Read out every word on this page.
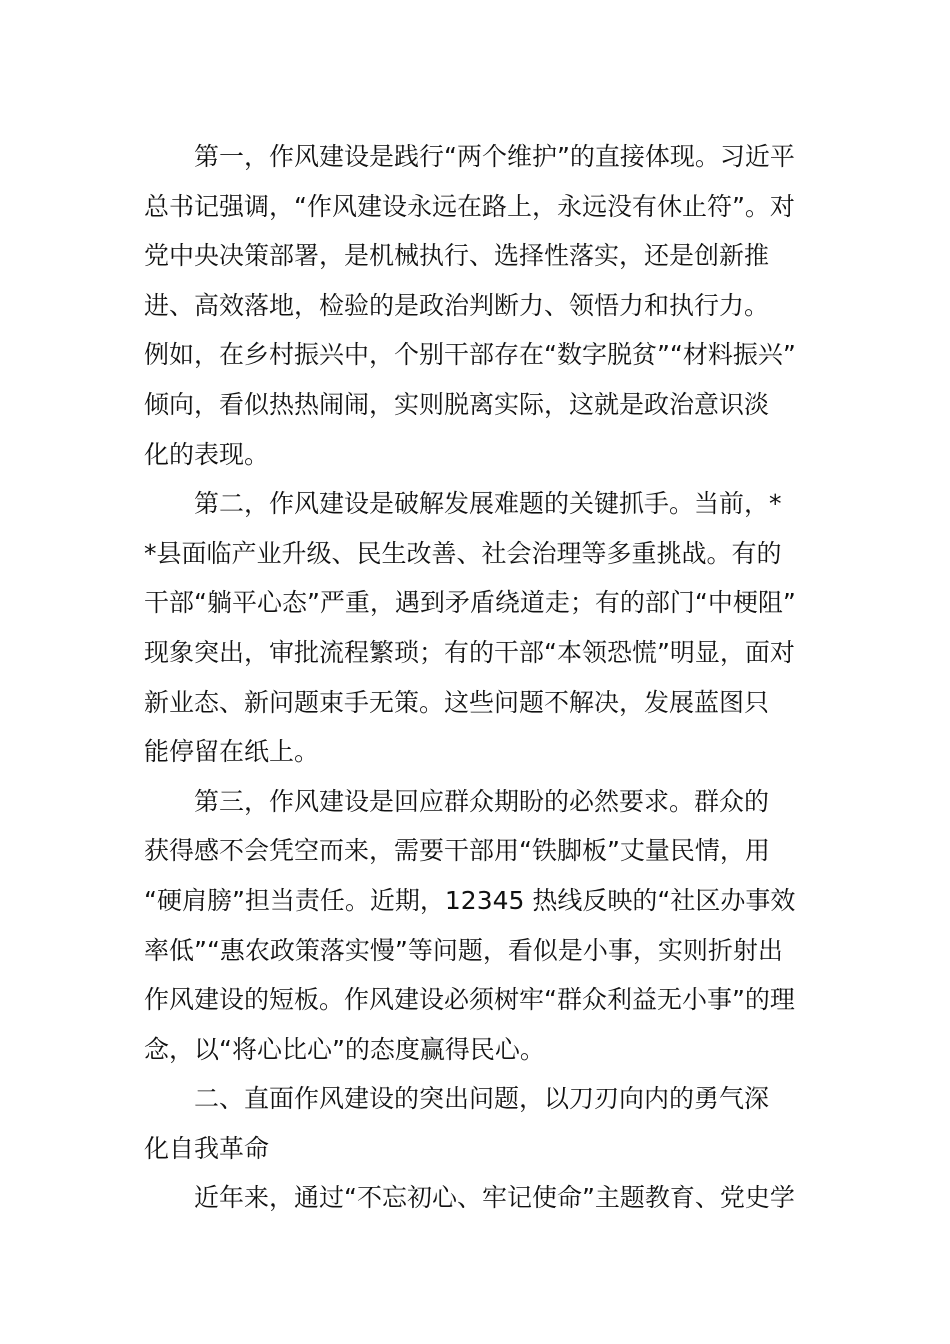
第一，作风建设是践行“两个维护”的直接体现。习近平
总书记强调，“作风建设永远在路上，永远没有休止符”。对
党中央决策部署，是机械执行、选择性落实，还是创新推
进、高效落地，检验的是政治判断力、领悟力和执行力。
例如，在乡村振兴中，个别干部存在“数字脱贫”“材料振兴”
倾向，看似热热闹闹，实则脱离实际，这就是政治意识淡
化的表现。
第二，作风建设是破解发展难题的关键抓手。当前，*
*县面临产业升级、民生改善、社会治理等多重挑战。有的
干部“躺平心态”严重，遇到矛盾绕道走；有的部门“中梗阻”
现象突出，审批流程繁琐；有的干部“本领恐慌”明显，面对
新业态、新问题束手无策。这些问题不解决，发展蓝图只
能停留在纸上。
第三，作风建设是回应群众期盼的必然要求。群众的
获得感不会凭空而来，需要干部用“铁脚板”丈量民情，用
“硬肩膀”担当责任。近期，12345 热线反映的“社区办事效
率低”“惠农政策落实慢”等问题，看似是小事，实则折射出
作风建设的短板。作风建设必须树牢“群众利益无小事”的理
念，以“将心比心”的态度赢得民心。
二、直面作风建设的突出问题，以刀刃向内的勇气深
化自我革命
近年来，通过“不忘初心、牢记使命”主题教育、党史学
